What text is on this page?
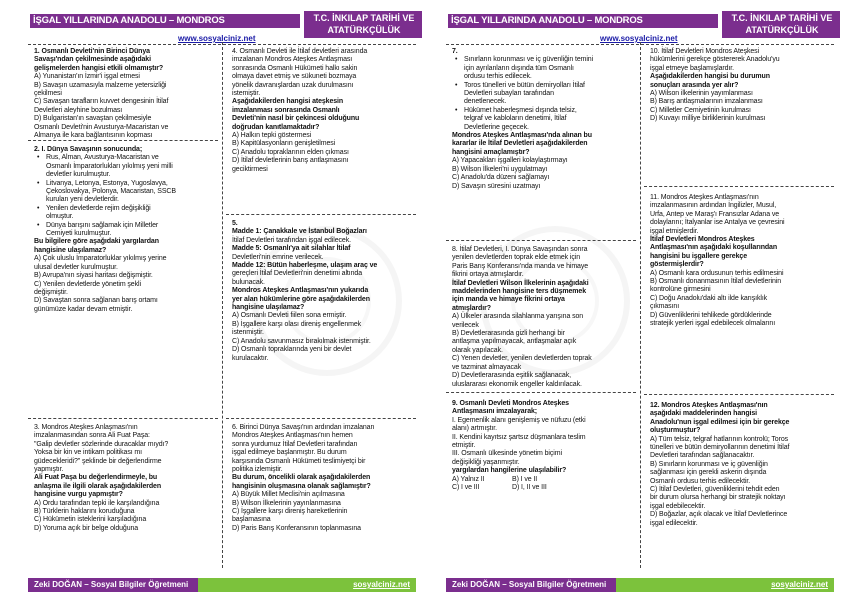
İŞGAL YILLARINDA ANADOLU – MONDROS	T.C. İNKILAP TARİHİ VE ATATÜRKÇÜLÜK
www.sosyalciniz.net
1. Osmanlı Devleti'nin Birinci Dünya
Savaşı'ndan çekilmesinde aşağıdaki
gelişmelerden hangisi etkili olmamıştır?
A) Yunanistan'ın İzmir'i işgal etmesi
B) Savaşın uzamasıyla malzeme yetersizliği
çekilmesi
C) Savaşan tarafların kuvvet dengesinin İtilaf
Devletleri aleyhine bozulması
D) Bulgaristan'ın savaştan çekilmesiyle
Osmanlı Devleti'nin Avusturya-Macaristan ve
Almanya ile kara bağlantısının kopması
2. I. Dünya Savaşının sonucunda;
• Rus, Alman, Avusturya-Macaristan ve
Osmanlı İmparatorlukları yıkılmış yeni milli
devletler kurulmuştur.
• Litvanya, Letonya, Estonya, Yugoslavya,
Çekoslovakya, Polonya, Macaristan, SSCB
kurulan yeni devletlerdir.
• Yenilen devletlerde rejim değişikliği
olmuştur.
• Dünya barışını sağlamak için Milletler
Cemiyeti kurulmuştur.
Bu bilgilere göre aşağıdaki yargılardan
hangisine ulaşılamaz?
A) Çok uluslu İmparatorluklar yıkılmış yerine
ulusal devletler kurulmuştur.
B) Avrupa'nın siyasi haritası değişmiştir.
C) Yenilen devletlerde yönetim şekli
değişmiştir.
D) Savaştan sonra sağlanan barış ortamı
günümüze kadar devam etmiştir.
3. Mondros Ateşkes Anlaşması'nın
imzalanmasından sonra Ali Fuat Paşa:
"Galip devletler sözlerinde duracaklar mıydı?
Yoksa bir kin ve intikam politikası mı
güdecekleridi?" şeklinde bir değerlendirme
yapmıştır.
Ali Fuat Paşa bu değerlendirmeyle, bu
anlaşma ile ilgili olarak aşağıdakilerden
hangisine vurgu yapmıştır?
A) Ordu tarafından tepki ile karşılandığına
B) Türklerin haklarını koruduğuna
C) Hükümetin isteklerini karşıladığına
D) Yoruma açık bir belge olduğuna
4. Osmanlı Devleti ile İtilaf devletleri arasında
imzalanan Mondros Ateşkes Antlaşması
sonrasında Osmanlı Hükümeti halkı sakin
olmaya davet etmiş ve sükuneti bozmaya
yönelik davranışlardan uzak durulmasını
istemiştir.
Aşağıdakilerden hangisi ateşkesin
imzalanması sonrasında Osmanlı
Devleti'nin nasıl bir çekincesi olduğunu
doğrudan kanıtlamaktadır?
A) Halkın tepki göstermesi
B) Kapitülasyonların genişletilmesi
C) Anadolu topraklarının elden çıkması
D) İtilaf devletlerinin barış antlaşmasını
geciktirmesi
5.
Madde 1: Çanakkale ve İstanbul Boğazları
İtilaf Devletleri tarafından işgal edilecek.
Madde 5: Osmanlı'ya ait silahlar İtilaf
Devletleri'nin emrine verilecek.
Madde 12: Bütün haberleşme, ulaşım araç ve
gereçleri İtilaf Devletleri'nin denetimi altında
bulunacak.
Mondros Ateşkes Antlaşması'nın yukarıda
yer alan hükümlerine göre aşağıdakilerden
hangisine ulaşılamaz?
A) Osmanlı Devleti fiilen sona ermiştir.
B) İşgallere karşı olası direniş engellenmek
istenmiştir.
C) Anadolu savunmasız bırakılmak istenmiştir.
D) Osmanlı topraklarında yeni bir devlet
kurulacaktır.
6. Birinci Dünya Savaşı'nın ardından imzalanan
Mondros Ateşkes Antlaşması'nın hemen
sonra yurdumuz İtilaf Devletleri tarafından
işgal edilmeye başlanmıştır. Bu durum
karşısında Osmanlı Hükümeti teslimiyetçi bir
politika izlemiştir.
Bu durum, öncelikli olarak aşağıdakilerden
hangisinin oluşmasına olanak sağlamıştır?
A) Büyük Millet Meclisi'nin açılmasına
B) Wilson İlkelerinin yayınlanmasına
C) İşgallere karşı direniş hareketlerinin
başlamasına
D) Paris Barış Konferansının toplanmasına
Zeki DOĞAN – Sosyal Bilgiler Öğretmeni	sosyalciniz.net
İŞGAL YILLARINDA ANADOLU – MONDROS	T.C. İNKILAP TARİHİ VE ATATÜRKÇÜLÜK
www.sosyalciniz.net
7.
• Sınırların korunması ve iç güvenliğin temini
için ayrılanların dışında tüm Osmanlı
ordusu terhis edilecek.
• Toros tünelleri ve bütün demiryolları İtilaf
Devletleri subayları tarafından
denetlenecek.
• Hükümet haberleşmesi dışında telsiz,
telgraf ve kabloların denetimi, İtilaf
Devletlerine geçecek.
Mondros Ateşkes Antlaşması'nda alınan bu
kararlar ile İtilaf Devletleri aşağıdakilerden
hangisini amaçlamıştır?
A) Yapacakları işgalleri kolaylaştırmayı
B) Wilson İlkeleri'ni uygulatmayı
C) Anadolu'da düzeni sağlamayı
D) Savaşın süresini uzatmayı
8. İtilaf Devletleri, I. Dünya Savaşından sonra
yenilen devletlerden toprak elde etmek için
Paris Barış Konferansı'nda manda ve himaye
fikrini ortaya atmışlardır.
İtilaf Devletleri Wilson İlkelerinin aşağıdaki
maddelerinden hangisine ters düşmemek
için manda ve himaye fikrini ortaya
atmışlardır?
A) Ülkeler arasında silahlanma yarışına son
verilecek
B) Devletlerarasında gizli herhangi bir
antlaşma yapılmayacak, antlaşmalar açık
olarak yapılacak.
C) Yenen devletler, yenilen devletlerden toprak
ve tazminat almayacak
D) Devletlerarasında eşitlik sağlanacak,
uluslararası ekonomik engeller kaldırılacak.
9. Osmanlı Devleti Mondros Ateşkes
Antlaşmasını imzalayarak;
I. Egemenlik alanı genişlemiş ve nüfuzu (etki
alanı) artmıştır.
II. Kendini kayıtsız şartsız düşmanlara teslim
etmiştir.
III. Osmanlı ülkesinde yönetim biçimi
değişikliği yaşanmıştır.
yargılardan hangilerine ulaşılabilir?
A) Yalnız II	B) I ve II
C) I ve III	D) I, II ve III
10. İtilaf Devletleri Mondros Ateşkesi
hükümlerini gerekçe göstererek Anadolu'yu
işgal etmeye başlamışlardır.
Aşağıdakilerden hangisi bu durumun
sonuçları arasında yer alır?
A) Wilson ilkelerinin yayımlanması
B) Barış antlaşmalarının imzalanması
C) Milletler Cemiyetinin kurulması
D) Kuvayı milliye birliklerinin kurulması
11. Mondros Ateşkes Antlaşması'nın
imzalanmasının ardından İngilizler, Musul,
Urfa, Antep ve Maraş'ı Fransızlar Adana ve
dolaylarını; İtalyanlar ise Antalya ve çevresini
işgal etmişlerdir.
İtilaf Devletleri Mondros Ateşkes
Antlaşması'nın aşağıdaki koşullarından
hangisini bu işgallere gerekçe
göstermişlerdir?
A) Osmanlı kara ordusunun terhis edilmesini
B) Osmanlı donanmasının İtilaf devletlerinin
kontrolüne girmesini
C) Doğu Anadolu'daki altı ilde karışıklık
çıkmasını
D) Güvenliklerini tehlikede gördüklerinde
stratejik yerleri işgal edebilecek olmalarını
12. Mondros Ateşkes Antlaşması'nın
aşağıdaki maddelerinden hangisi
Anadolu'nun işgal edilmesi için bir gerekçe
oluşturmuştur?
A) Tüm telsiz, telgraf hatlarının kontrolü; Toros
tünelleri ve bütün demiryollarının denetimi İtilaf
Devletleri tarafından sağlanacaktır.
B) Sınırların korunması ve iç güvenliğin
sağlanması için gerekli askerin dışında
Osmanlı ordusu terhis edilecektir.
C) İtilaf Devletleri, güvenliklerini tehdit eden
bir durum olursa herhangi bir stratejik noktayı
işgal edebilecektir.
D) Boğazlar, açık olacak ve İtilaf Devletlerince
işgal edilecektir.
Zeki DOĞAN – Sosyal Bilgiler Öğretmeni	sosyalciniz.net
